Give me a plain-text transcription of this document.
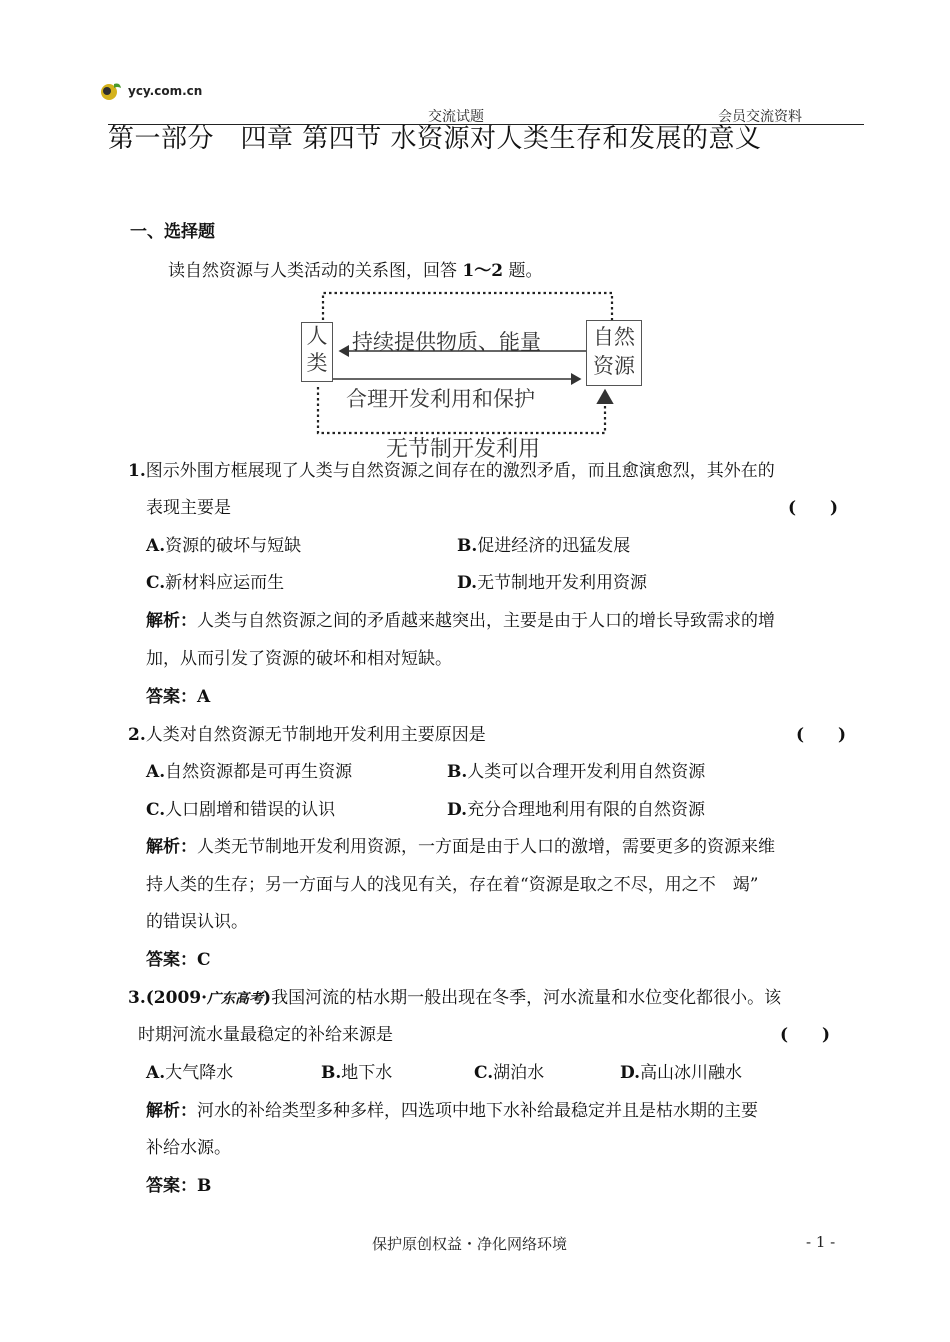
ycy.com.cn
交流试题	会员交流资料
第一部分　四章 第四节 水资源对人类生存和发展的意义
一、选择题
读自然资源与人类活动的关系图，回答 1～2 题。
人
类
自然
资源
持续提供物质、能量
合理开发利用和保护
无节制开发利用
1.图示外围方框展现了人类与自然资源之间存在的激烈矛盾，而且愈演愈烈，其外在的
表现主要是	(　　)
A.资源的破坏与短缺	B.促进经济的迅猛发展
C.新材料应运而生	D.无节制地开发利用资源
解析：人类与自然资源之间的矛盾越来越突出，主要是由于人口的增长导致需求的增
加，从而引发了资源的破坏和相对短缺。
答案：A
2.人类对自然资源无节制地开发利用主要原因是	(　　)
A.自然资源都是可再生资源	B.人类可以合理开发利用自然资源
C.人口剧增和错误的认识	D.充分合理地利用有限的自然资源
解析：人类无节制地开发利用资源，一方面是由于人口的激增，需要更多的资源来维
持人类的生存；另一方面与人的浅见有关，存在着“资源是取之不尽，用之不　竭”
的错误认识。
答案：C
3.(2009·广东高考)我国河流的枯水期一般出现在冬季，河水流量和水位变化都很小。该
时期河流水量最稳定的补给来源是	(　　)
A.大气降水	B.地下水	C.湖泊水	D.高山冰川融水
解析：河水的补给类型多种多样，四选项中地下水补给最稳定并且是枯水期的主要
补给水源。
答案：B
保护原创权益・净化网络环境	- 1 -
